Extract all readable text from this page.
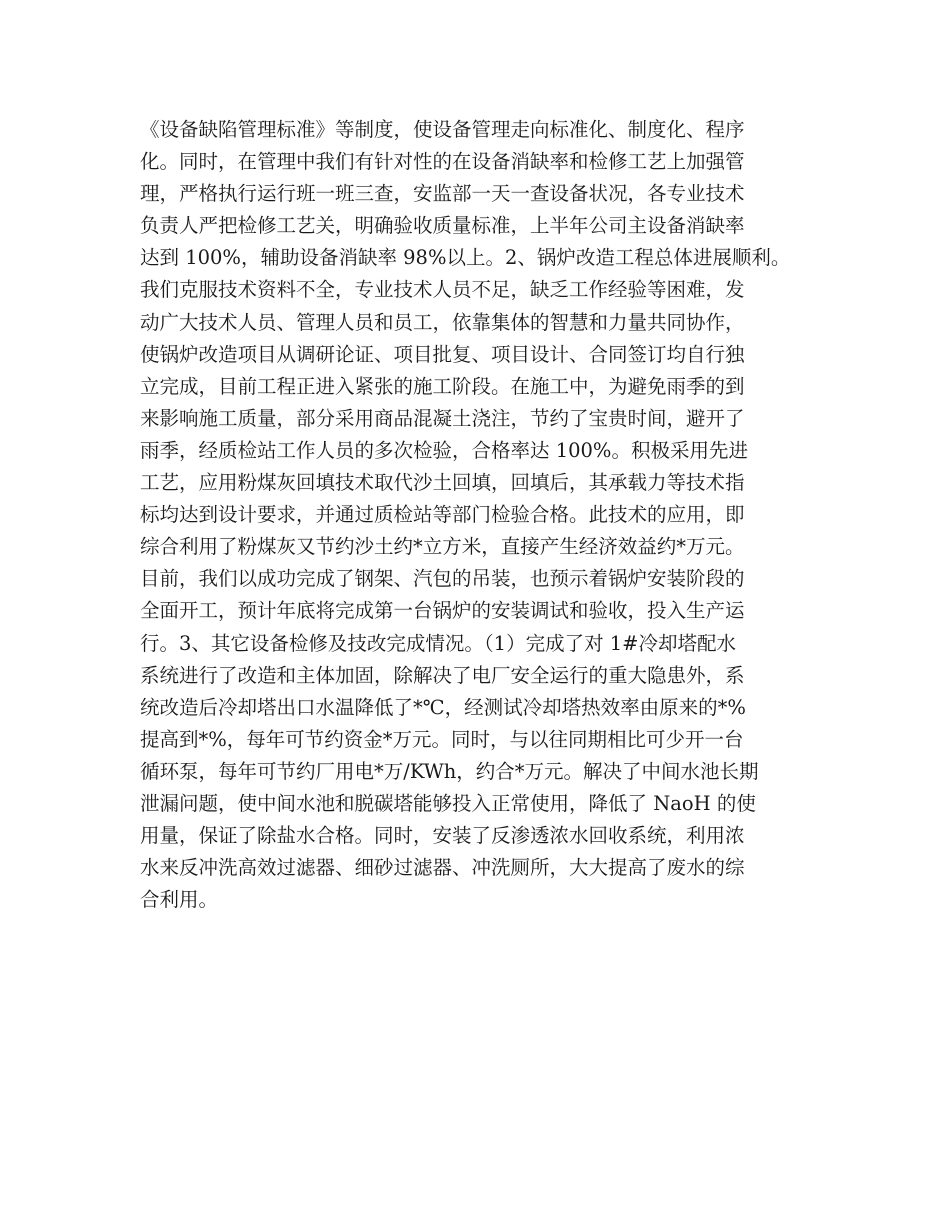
《设备缺陷管理标准》等制度，使设备管理走向标准化、制度化、程序
化。同时，在管理中我们有针对性的在设备消缺率和检修工艺上加强管
理，严格执行运行班一班三查，安监部一天一查设备状况，各专业技术
负责人严把检修工艺关，明确验收质量标准，上半年公司主设备消缺率
达到 100%，辅助设备消缺率 98%以上。2、锅炉改造工程总体进展顺利。
我们克服技术资料不全，专业技术人员不足，缺乏工作经验等困难，发
动广大技术人员、管理人员和员工，依靠集体的智慧和力量共同协作，
使锅炉改造项目从调研论证、项目批复、项目设计、合同签订均自行独
立完成，目前工程正进入紧张的施工阶段。在施工中，为避免雨季的到
来影响施工质量，部分采用商品混凝土浇注，节约了宝贵时间，避开了
雨季，经质检站工作人员的多次检验，合格率达 100%。积极采用先进
工艺，应用粉煤灰回填技术取代沙土回填，回填后，其承载力等技术指
标均达到设计要求，并通过质检站等部门检验合格。此技术的应用，即
综合利用了粉煤灰又节约沙土约*立方米，直接产生经济效益约*万元。
目前，我们以成功完成了钢架、汽包的吊装，也预示着锅炉安装阶段的
全面开工，预计年底将完成第一台锅炉的安装调试和验收，投入生产运
行。3、其它设备检修及技改完成情况。（1）完成了对 1#冷却塔配水
系统进行了改造和主体加固，除解决了电厂安全运行的重大隐患外，系
统改造后冷却塔出口水温降低了*℃，经测试冷却塔热效率由原来的*%
提高到*%，每年可节约资金*万元。同时，与以往同期相比可少开一台
循环泵，每年可节约厂用电*万/KWh，约合*万元。解决了中间水池长期
泄漏问题，使中间水池和脱碳塔能够投入正常使用，降低了 NaoH 的使
用量，保证了除盐水合格。同时，安装了反渗透浓水回收系统，利用浓
水来反冲洗高效过滤器、细砂过滤器、冲洗厕所，大大提高了废水的综
合利用。
